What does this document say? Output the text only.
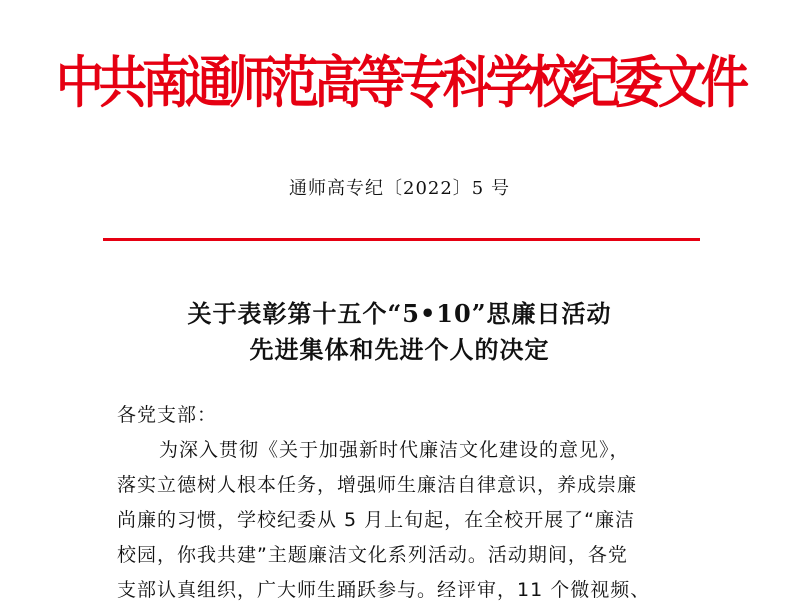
中共南通师范高等专科学校纪委文件
通师高专纪〔2022〕5 号
关于表彰第十五个“5•10”思廉日活动
先进集体和先进个人的决定
各党支部：
为深入贯彻《关于加强新时代廉洁文化建设的意见》，
落实立德树人根本任务，增强师生廉洁自律意识，养成崇廉
尚廉的习惯，学校纪委从 5 月上旬起，在全校开展了“廉洁
校园，你我共建”主题廉洁文化系列活动。活动期间，各党
支部认真组织，广大师生踊跃参与。经评审，11 个微视频、
